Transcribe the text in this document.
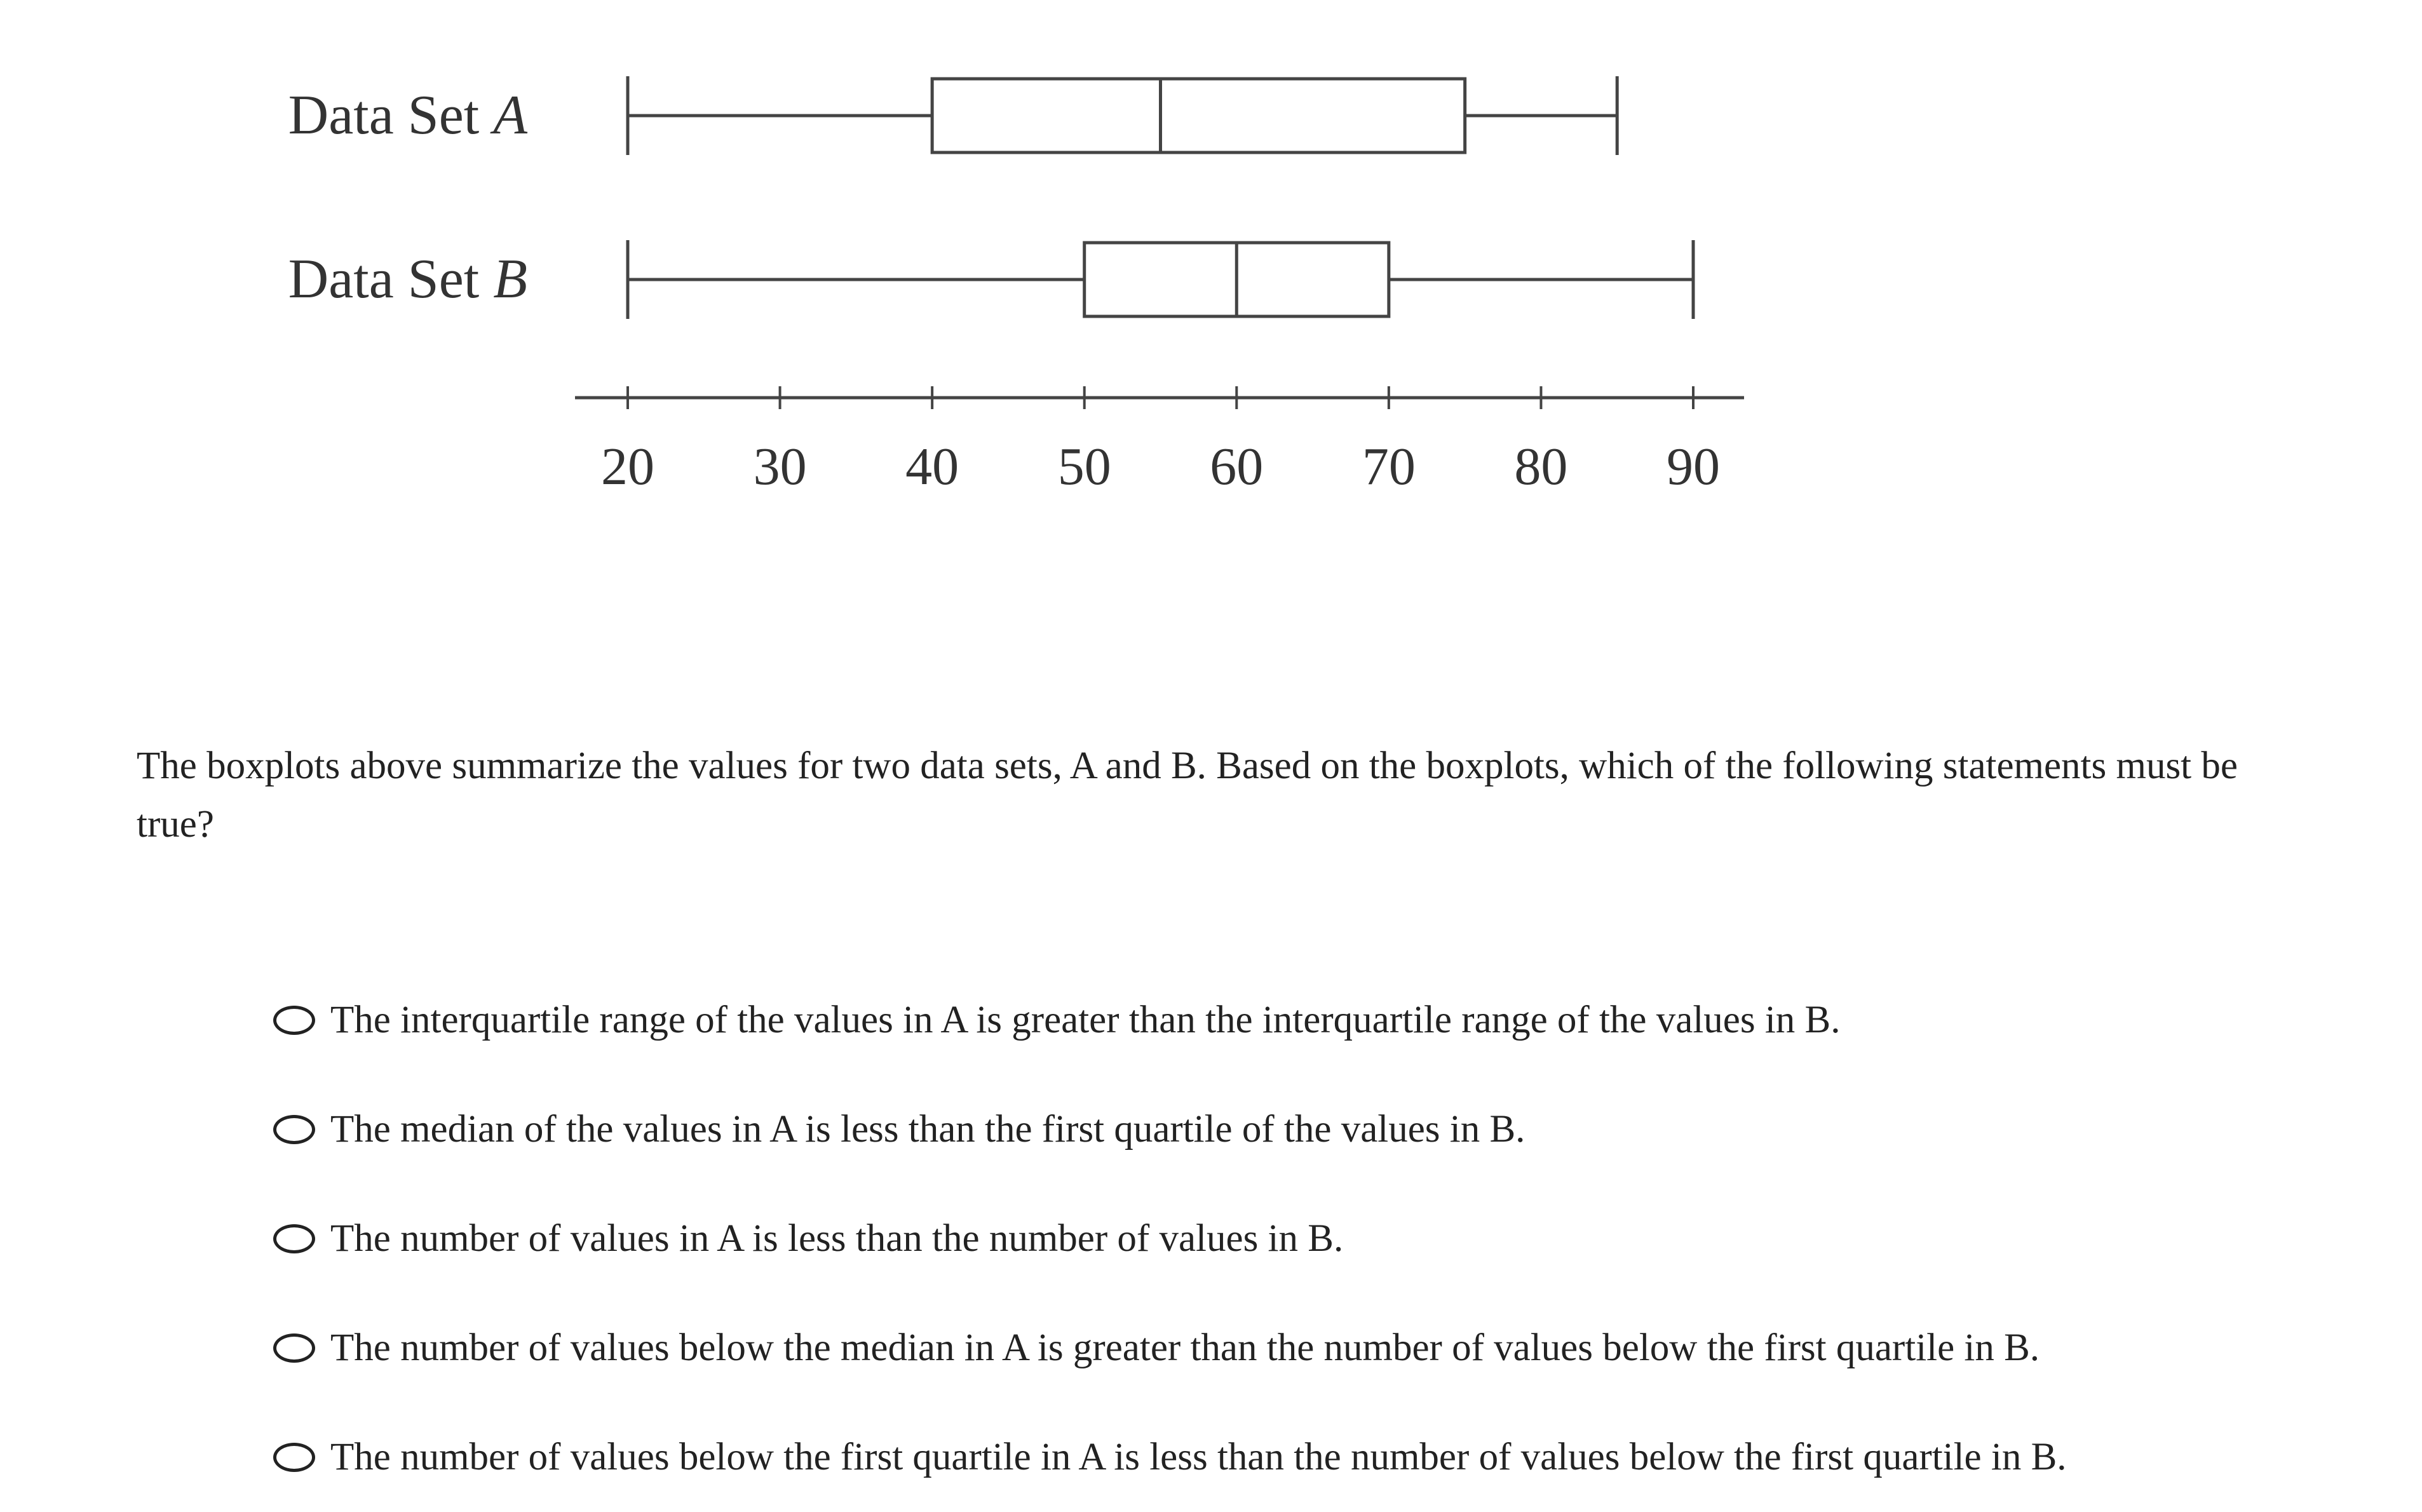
Data Set A
Data Set B
20 30 40 50 60 70 80 90
The boxplots above summarize the values for two data sets, A and B. Based on the boxplots, which of the following statements must be true?
The interquartile range of the values in A is greater than the interquartile range of the values in B.
The median of the values in A is less than the first quartile of the values in B.
The number of values in A is less than the number of values in B.
The number of values below the median in A is greater than the number of values below the first quartile in B.
The number of values below the first quartile in A is less than the number of values below the first quartile in B.
